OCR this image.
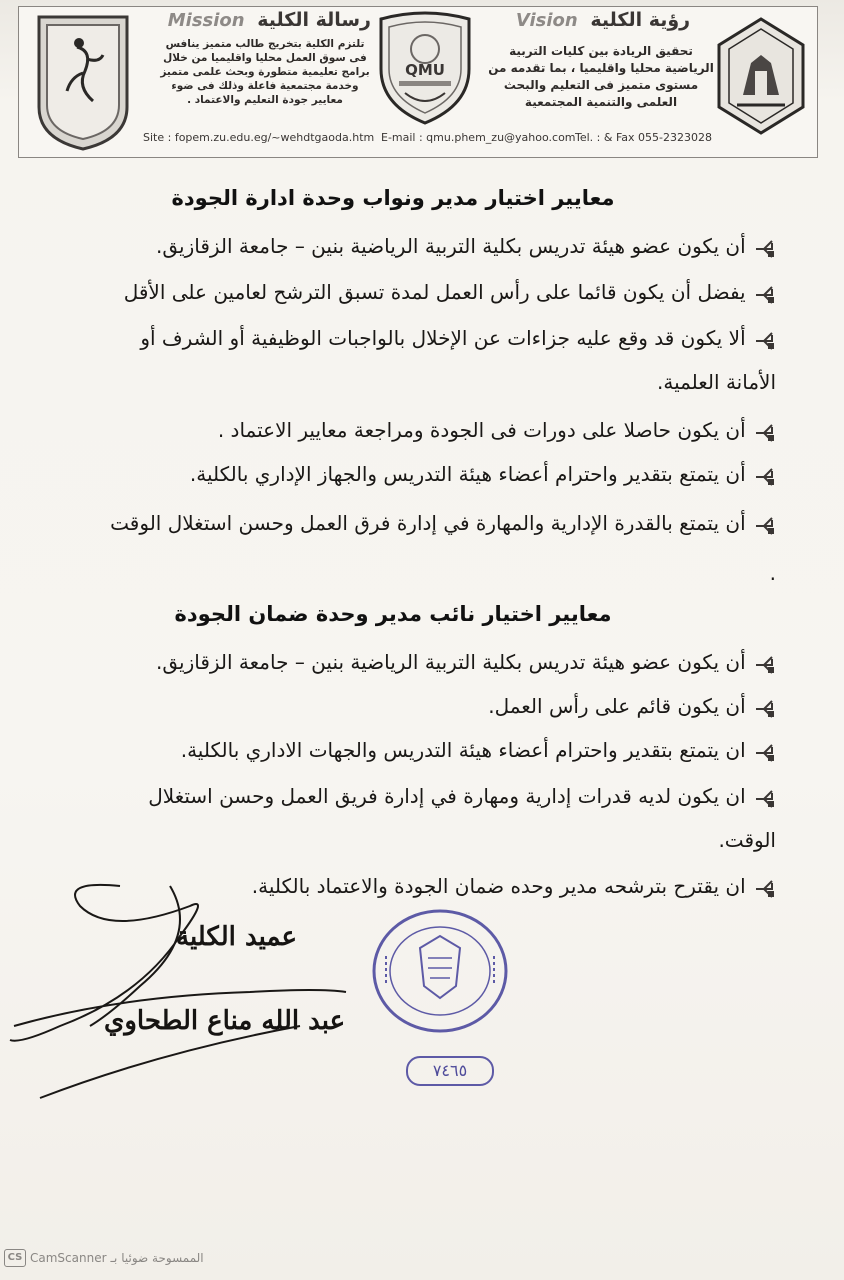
QMU
رسالة الكلية Mission
تلتزم الكلية بتخريج طالب متميز ينافس فى سوق العمل محليا واقليميا من خلال برامج تعليمية متطورة وبحث علمى متميز وخدمة مجتمعية فاعلة وذلك فى ضوء معايير جودة التعليم والاعتماد .
رؤية الكلية Vision
تحقيق الريادة بين كليات التربية الرياضية محليا واقليميا ، بما تقدمه من مستوى متميز فى التعليم والبحث العلمى والتنمية المجتمعية
Site : fopem.zu.edu.eg/~wehdtgaoda.htm E-mail : qmu.phem_zu@yahoo.com Tel. : & Fax 055-2323028
معايير اختيار مدير ونواب وحدة ادارة الجودة
أن يكون عضو هيئة تدريس بكلية التربية الرياضية بنين – جامعة الزقازيق.
يفضل أن يكون قائما على رأس العمل لمدة تسبق الترشح لعامين على الأقل
ألا يكون قد وقع عليه جزاءات عن الإخلال بالواجبات الوظيفية أو الشرف أو الأمانة العلمية.
أن يكون حاصلا على دورات فى الجودة ومراجعة معايير الاعتماد .
أن يتمتع بتقدير واحترام أعضاء هيئة التدريس والجهاز الإداري بالكلية.
أن يتمتع بالقدرة الإدارية والمهارة في إدارة فرق العمل وحسن استغلال الوقت .
معايير اختيار نائب مدير وحدة ضمان الجودة
أن يكون عضو هيئة تدريس بكلية التربية الرياضية بنين – جامعة الزقازيق.
أن يكون قائم على رأس العمل.
ان يتمتع بتقدير واحترام أعضاء هيئة التدريس والجهات الاداري بالكلية.
ان يكون لديه قدرات إدارية ومهارة في إدارة فريق العمل وحسن استغلال الوقت.
ان يقترح بترشحه مدير وحده ضمان الجودة والاعتماد بالكلية.
عميد الكلية
عبد الله مناع الطحاوي
٧٤٦٥
CS CamScanner الممسوحة ضوئيا بـ
